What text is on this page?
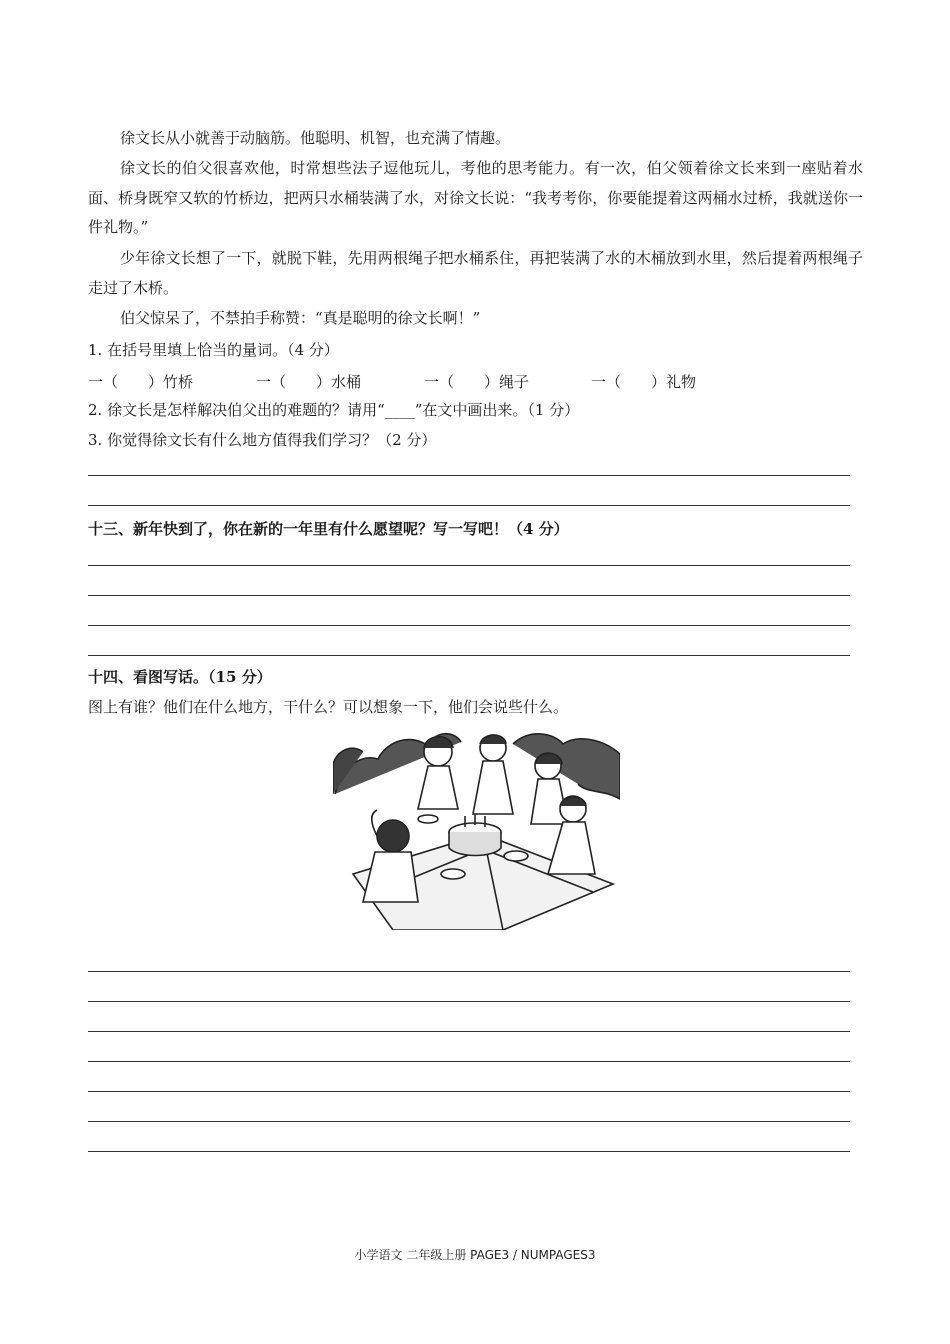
徐文长从小就善于动脑筋。他聪明、机智，也充满了情趣。
徐文长的伯父很喜欢他，时常想些法子逗他玩儿，考他的思考能力。有一次，伯父领着徐文长来到一座贴着水面、桥身既窄又软的竹桥边，把两只水桶装满了水，对徐文长说：“我考考你，你要能提着这两桶水过桥，我就送你一件礼物。”
少年徐文长想了一下，就脱下鞋，先用两根绳子把水桶系住，再把装满了水的木桶放到水里，然后提着两根绳子走过了木桥。
伯父惊呆了，不禁拍手称赞：“真是聪明的徐文长啊！”
1. 在括号里填上恰当的量词。（4 分）
一（　　）竹桥	一（　　）水桶	一（　　）绳子	一（　　）礼物
2. 徐文长是怎样解决伯父出的难题的？请用“____”在文中画出来。（1 分）
3. 你觉得徐文长有什么地方值得我们学习？（2 分）
十三、新年快到了，你在新的一年里有什么愿望呢？写一写吧！（4 分）
十四、看图写话。（15 分）
图上有谁？他们在什么地方，干什么？可以想象一下，他们会说些什么。
小学语文 二年级上册 PAGE3 / NUMPAGES3
